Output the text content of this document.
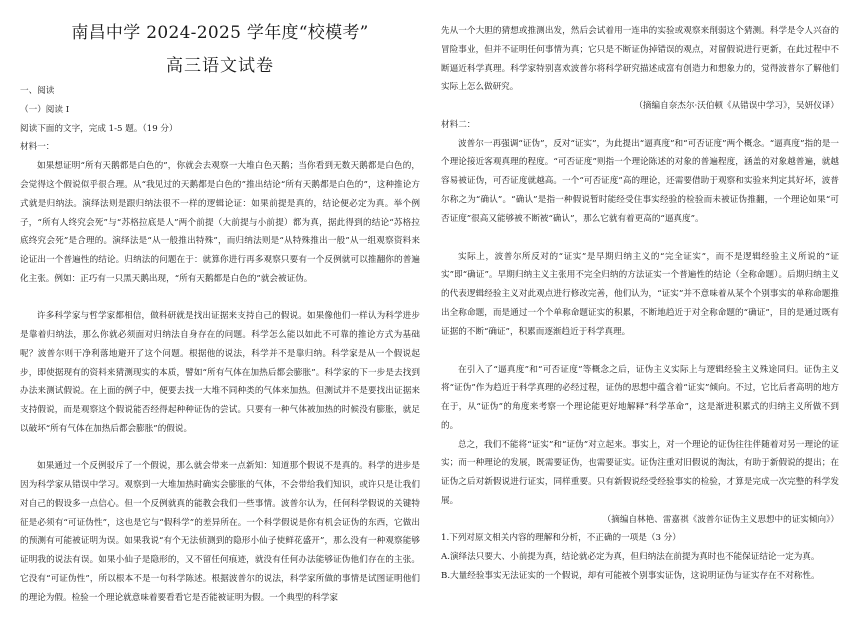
南昌中学 2024-2025 学年度“校模考”
高三语文试卷
一、阅读
（一）阅读 I
阅读下面的文字，完成 1-5 题。（19 分）
材料一：
如果想证明“所有天鹅都是白色的”，你就会去观察一大堆白色天鹅；当你看到无数天鹅都是白色的，会觉得这个假说似乎很合理。从“我见过的天鹅都是白色的”推出结论“所有天鹅都是白色的”，这种推论方式就是归纳法。演绎法则是跟归纳法很不一样的逻辑论证：如果前提是真的，结论便必定为真。举个例子，“所有人终究会死”与“苏格拉底是人”两个前提（大前提与小前提）都为真，据此得到的结论“苏格拉底终究会死”是合理的。演绎法是“从一般推出特殊”，而归纳法则是“从特殊推出一般”从一组观察资料来论证出一个普遍性的结论。归纳法的问题在于：就算你进行再多观察只要有一个反例就可以推翻你的普遍化主张。例如：正巧有一只黑天鹅出现，“所有天鹅都是白色的”就会被证伪。
许多科学家与哲学家都相信，做科研就是找出证据来支持自己的假说。如果像他们一样认为科学进步是靠着归纳法，那么你就必须面对归纳法自身存在的问题。科学怎么能以如此不可靠的推论方式为基础呢？波普尔则干净利落地避开了这个问题。根据他的说法，科学并不是靠归纳。科学家是从一个假说起步，即使据现有的资料来猜测现实的本质，譬如“所有气体在加热后都会膨胀”。科学家的下一步是去找到办法来测试假说。在上面的例子中，便要去找一大堆不同种类的气体来加热。但测试并不是要找出证据来支持假说，而是观察这个假说能否经得起种种证伪的尝试。只要有一种气体被加热的时候没有膨胀，就足以破坏“所有气体在加热后都会膨胀”的假说。
如果通过一个反例驳斥了一个假说，那么就会带来一点新知：知道那个假说不是真的。科学的进步是因为科学家从错误中学习。观察到一大堆加热时确实会膨胀的气体，不会带给我们知识，或许只是让我们对自己的假设多一点信心。但一个反例就真的能教会我们一些事情。波普尔认为，任何科学假说的关键特征是必须有“可证伪性”，这也是它与“假科学”的差异所在。一个科学假说是你有机会证伪的东西，它做出的预测有可能被证明为误。如果我说“有个无法侦测到的隐形小仙子使鲜花盛开”，那么没有一种观察能够证明我的说法有误。如果小仙子是隐形的，又不留任何痕迹，就没有任何办法能够证伪他们存在的主张。它没有“可证伪性”，所以根本不是一句科学陈述。根据波普尔的说法，科学家所做的事情是试图证明他们的理论为假。检验一个理论就意味着要看看它是否能被证明为假。一个典型的科学家
先从一个大胆的猜想或推测出发，然后会试着用一连串的实验或观察来削弱这个猜测。科学是令人兴奋的冒险事业，但并不证明任何事情为真；它只是不断证伪掉错误的观点，对留假说进行更新，在此过程中不断逼近科学真理。科学家特别喜欢波普尔将科学研究描述成富有创造力和想象力的，觉得波普尔了解他们实际上怎么做研究。
（摘编自奈杰尔·沃伯顿《从错误中学习》，吴妍仪译）
材料二：
波普尔一再强调“证伪”，反对“证实”，为此提出“逼真度”和“可否证度”两个概念。“逼真度”指的是一个理论接近客观真理的程度。“可否证度”则指一个理论陈述的对象的普遍程度，涵盖的对象越普遍，就越容易被证伪，可否证度就越高。一个“可否证度”高的理论，还需要借助于观察和实验来判定其好坏，波普尔称之为“确认”。“确认”是指一种假说暂时能经受住事实经验的检验而未被证伪推翻，一个理论如果“可否证度”很高又能够被不断被“确认”，那么它就有着更高的“逼真度”。
实际上，波普尔所反对的“证实”是早期归纳主义的“完全证实”，而不是逻辑经验主义所说的“证实”即“确证”。早期归纳主义主张用不完全归纳的方法证实一个普遍性的结论（全称命题）。后期归纳主义的代表逻辑经验主义对此观点进行修改完善，他们认为，“证实”并不意味着从某个个别事实的单称命题推出全称命题，而是通过一个个单称命题证实的积累，不断地趋近于对全称命题的“确证”，目的是通过既有证据的不断“确证”，积累而逐渐趋近于科学真理。
在引入了“逼真度”和“可否证度”等概念之后，证伪主义实际上与逻辑经验主义殊途同归。证伪主义将“证伪”作为趋近于科学真理的必经过程，证伪的思想中蕴含着“证实”倾向。不过，它比后者高明的地方在于，从“证伪”的角度来考察一个理论能更好地解释“科学革命”，这是渐进积累式的归纳主义所做不到的。
总之，我们不能将“证实”和“证伪”对立起来。事实上，对一个理论的证伪往往伴随着对另一理论的证实；而一种理论的发展，既需要证伪，也需要证实。证伪注重对旧假说的淘汰，有助于新假说的提出；在证伪之后对新假说进行证实，同样重要。只有新假说经受经验事实的检验，才算是完成一次完整的科学发展。
（摘编自林艳、雷嘉祺《波普尔证伪主义思想中的证实倾向》）
1.下列对原文相关内容的理解和分析，不正确的一项是（3 分）
A.演绎法只要大、小前提为真，结论就必定为真，但归纳法在前提为真时也不能保证结论一定为真。
B.大量经验事实无法证实的一个假说，却有可能被个别事实证伪，这说明证伪与证实存在不对称性。
